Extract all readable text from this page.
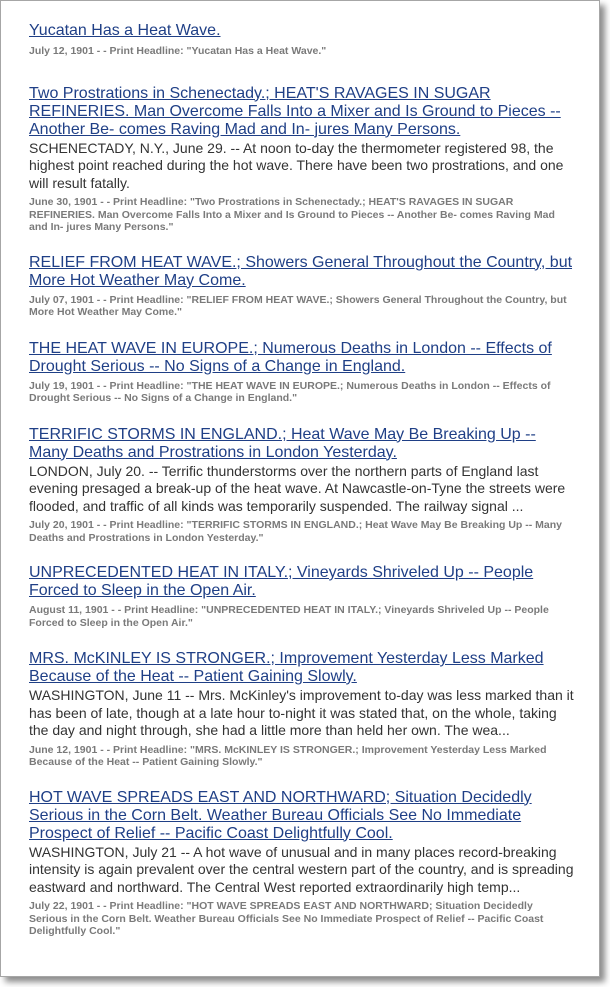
Yucatan Has a Heat Wave.
July 12, 1901 - - Print Headline: "Yucatan Has a Heat Wave."
Two Prostrations in Schenectady.; HEAT'S RAVAGES IN SUGAR REFINERIES. Man Overcome Falls Into a Mixer and Is Ground to Pieces -- Another Be- comes Raving Mad and In- jures Many Persons.
SCHENECTADY, N.Y., June 29. -- At noon to-day the thermometer registered 98, the highest point reached during the hot wave. There have been two prostrations, and one will result fatally.
June 30, 1901 - - Print Headline: "Two Prostrations in Schenectady.; HEAT'S RAVAGES IN SUGAR REFINERIES. Man Overcome Falls Into a Mixer and Is Ground to Pieces -- Another Be- comes Raving Mad and In- jures Many Persons."
RELIEF FROM HEAT WAVE.; Showers General Throughout the Country, but More Hot Weather May Come.
July 07, 1901 - - Print Headline: "RELIEF FROM HEAT WAVE.; Showers General Throughout the Country, but More Hot Weather May Come."
THE HEAT WAVE IN EUROPE.; Numerous Deaths in London -- Effects of Drought Serious -- No Signs of a Change in England.
July 19, 1901 - - Print Headline: "THE HEAT WAVE IN EUROPE.; Numerous Deaths in London -- Effects of Drought Serious -- No Signs of a Change in England."
TERRIFIC STORMS IN ENGLAND.; Heat Wave May Be Breaking Up -- Many Deaths and Prostrations in London Yesterday.
LONDON, July 20. -- Terrific thunderstorms over the northern parts of England last evening presaged a break-up of the heat wave. At Nawcastle-on-Tyne the streets were flooded, and traffic of all kinds was temporarily suspended. The railway signal ...
July 20, 1901 - - Print Headline: "TERRIFIC STORMS IN ENGLAND.; Heat Wave May Be Breaking Up -- Many Deaths and Prostrations in London Yesterday."
UNPRECEDENTED HEAT IN ITALY.; Vineyards Shriveled Up -- People Forced to Sleep in the Open Air.
August 11, 1901 - - Print Headline: "UNPRECEDENTED HEAT IN ITALY.; Vineyards Shriveled Up -- People Forced to Sleep in the Open Air."
MRS. McKINLEY IS STRONGER.; Improvement Yesterday Less Marked Because of the Heat -- Patient Gaining Slowly.
WASHINGTON, June 11 -- Mrs. McKinley's improvement to-day was less marked than it has been of late, though at a late hour to-night it was stated that, on the whole, taking the day and night through, she had a little more than held her own. The wea...
June 12, 1901 - - Print Headline: "MRS. McKINLEY IS STRONGER.; Improvement Yesterday Less Marked Because of the Heat -- Patient Gaining Slowly."
HOT WAVE SPREADS EAST AND NORTHWARD; Situation Decidedly Serious in the Corn Belt. Weather Bureau Officials See No Immediate Prospect of Relief -- Pacific Coast Delightfully Cool.
WASHINGTON, July 21 -- A hot wave of unusual and in many places record-breaking intensity is again prevalent over the central western part of the country, and is spreading eastward and northward. The Central West reported extraordinarily high temp...
July 22, 1901 - - Print Headline: "HOT WAVE SPREADS EAST AND NORTHWARD; Situation Decidedly Serious in the Corn Belt. Weather Bureau Officials See No Immediate Prospect of Relief -- Pacific Coast Delightfully Cool."
